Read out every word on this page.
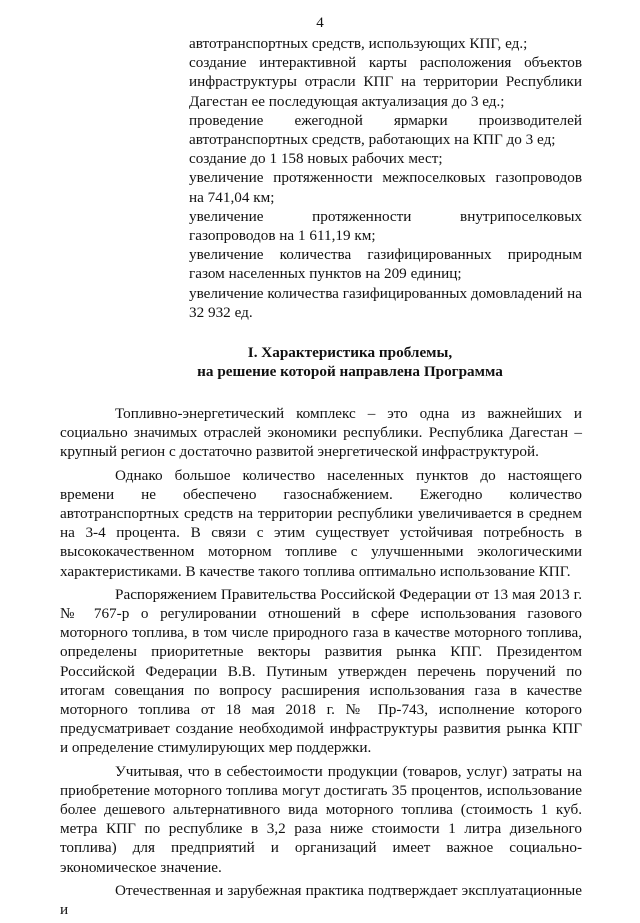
4

автотранспортных средств, использующих КПГ, ед.;

создание интерактивной карты расположения объектов инфраструктуры отрасли КПГ на территории Республики Дагестан ее последующая актуализация до 3 ед.;

проведение ежегодной ярмарки производителей автотранспортных средств, работающих на КПГ до 3 ед;

создание до 1 158 новых рабочих мест;

увеличение протяженности межпоселковых газопроводов на 741,04 км;

увеличение протяженности внутрипоселковых газопроводов на 1 611,19 км;

увеличение количества газифицированных природным газом населенных пунктов на 209 единиц;

увеличение количества газифицированных домовладений на 32 932 ед.

I. Характеристика проблемы,
на решение которой направлена Программа

Топливно-энергетический комплекс – это одна из важнейших и социально значимых отраслей экономики республики. Республика Дагестан – крупный регион с достаточно развитой энергетической инфраструктурой.

Однако большое количество населенных пунктов до настоящего времени не обеспечено газоснабжением. Ежегодно количество автотранспортных средств на территории республики увеличивается в среднем на 3-4 процента. В связи с этим существует устойчивая потребность в высококачественном моторном топливе с улучшенными экологическими характеристиками. В качестве такого топлива оптимально использование КПГ.

Распоряжением Правительства Российской Федерации от 13 мая 2013 г. № 767-р о регулировании отношений в сфере использования газового моторного топлива, в том числе природного газа в качестве моторного топлива, определены приоритетные векторы развития рынка КПГ. Президентом Российской Федерации В.В. Путиным утвержден перечень поручений по итогам совещания по вопросу расширения использования газа в качестве моторного топлива от 18 мая 2018 г. № Пр-743, исполнение которого предусматривает создание необходимой инфраструктуры развития рынка КПГ и определение стимулирующих мер поддержки.

Учитывая, что в себестоимости продукции (товаров, услуг) затраты на приобретение моторного топлива могут достигать 35 процентов, использование более дешевого альтернативного вида моторного топлива (стоимость 1 куб. метра КПГ по республике в 3,2 раза ниже стоимости 1 литра дизельного топлива) для предприятий и организаций имеет важное социально-экономическое значение.

Отечественная и зарубежная практика подтверждает эксплуатационные и
